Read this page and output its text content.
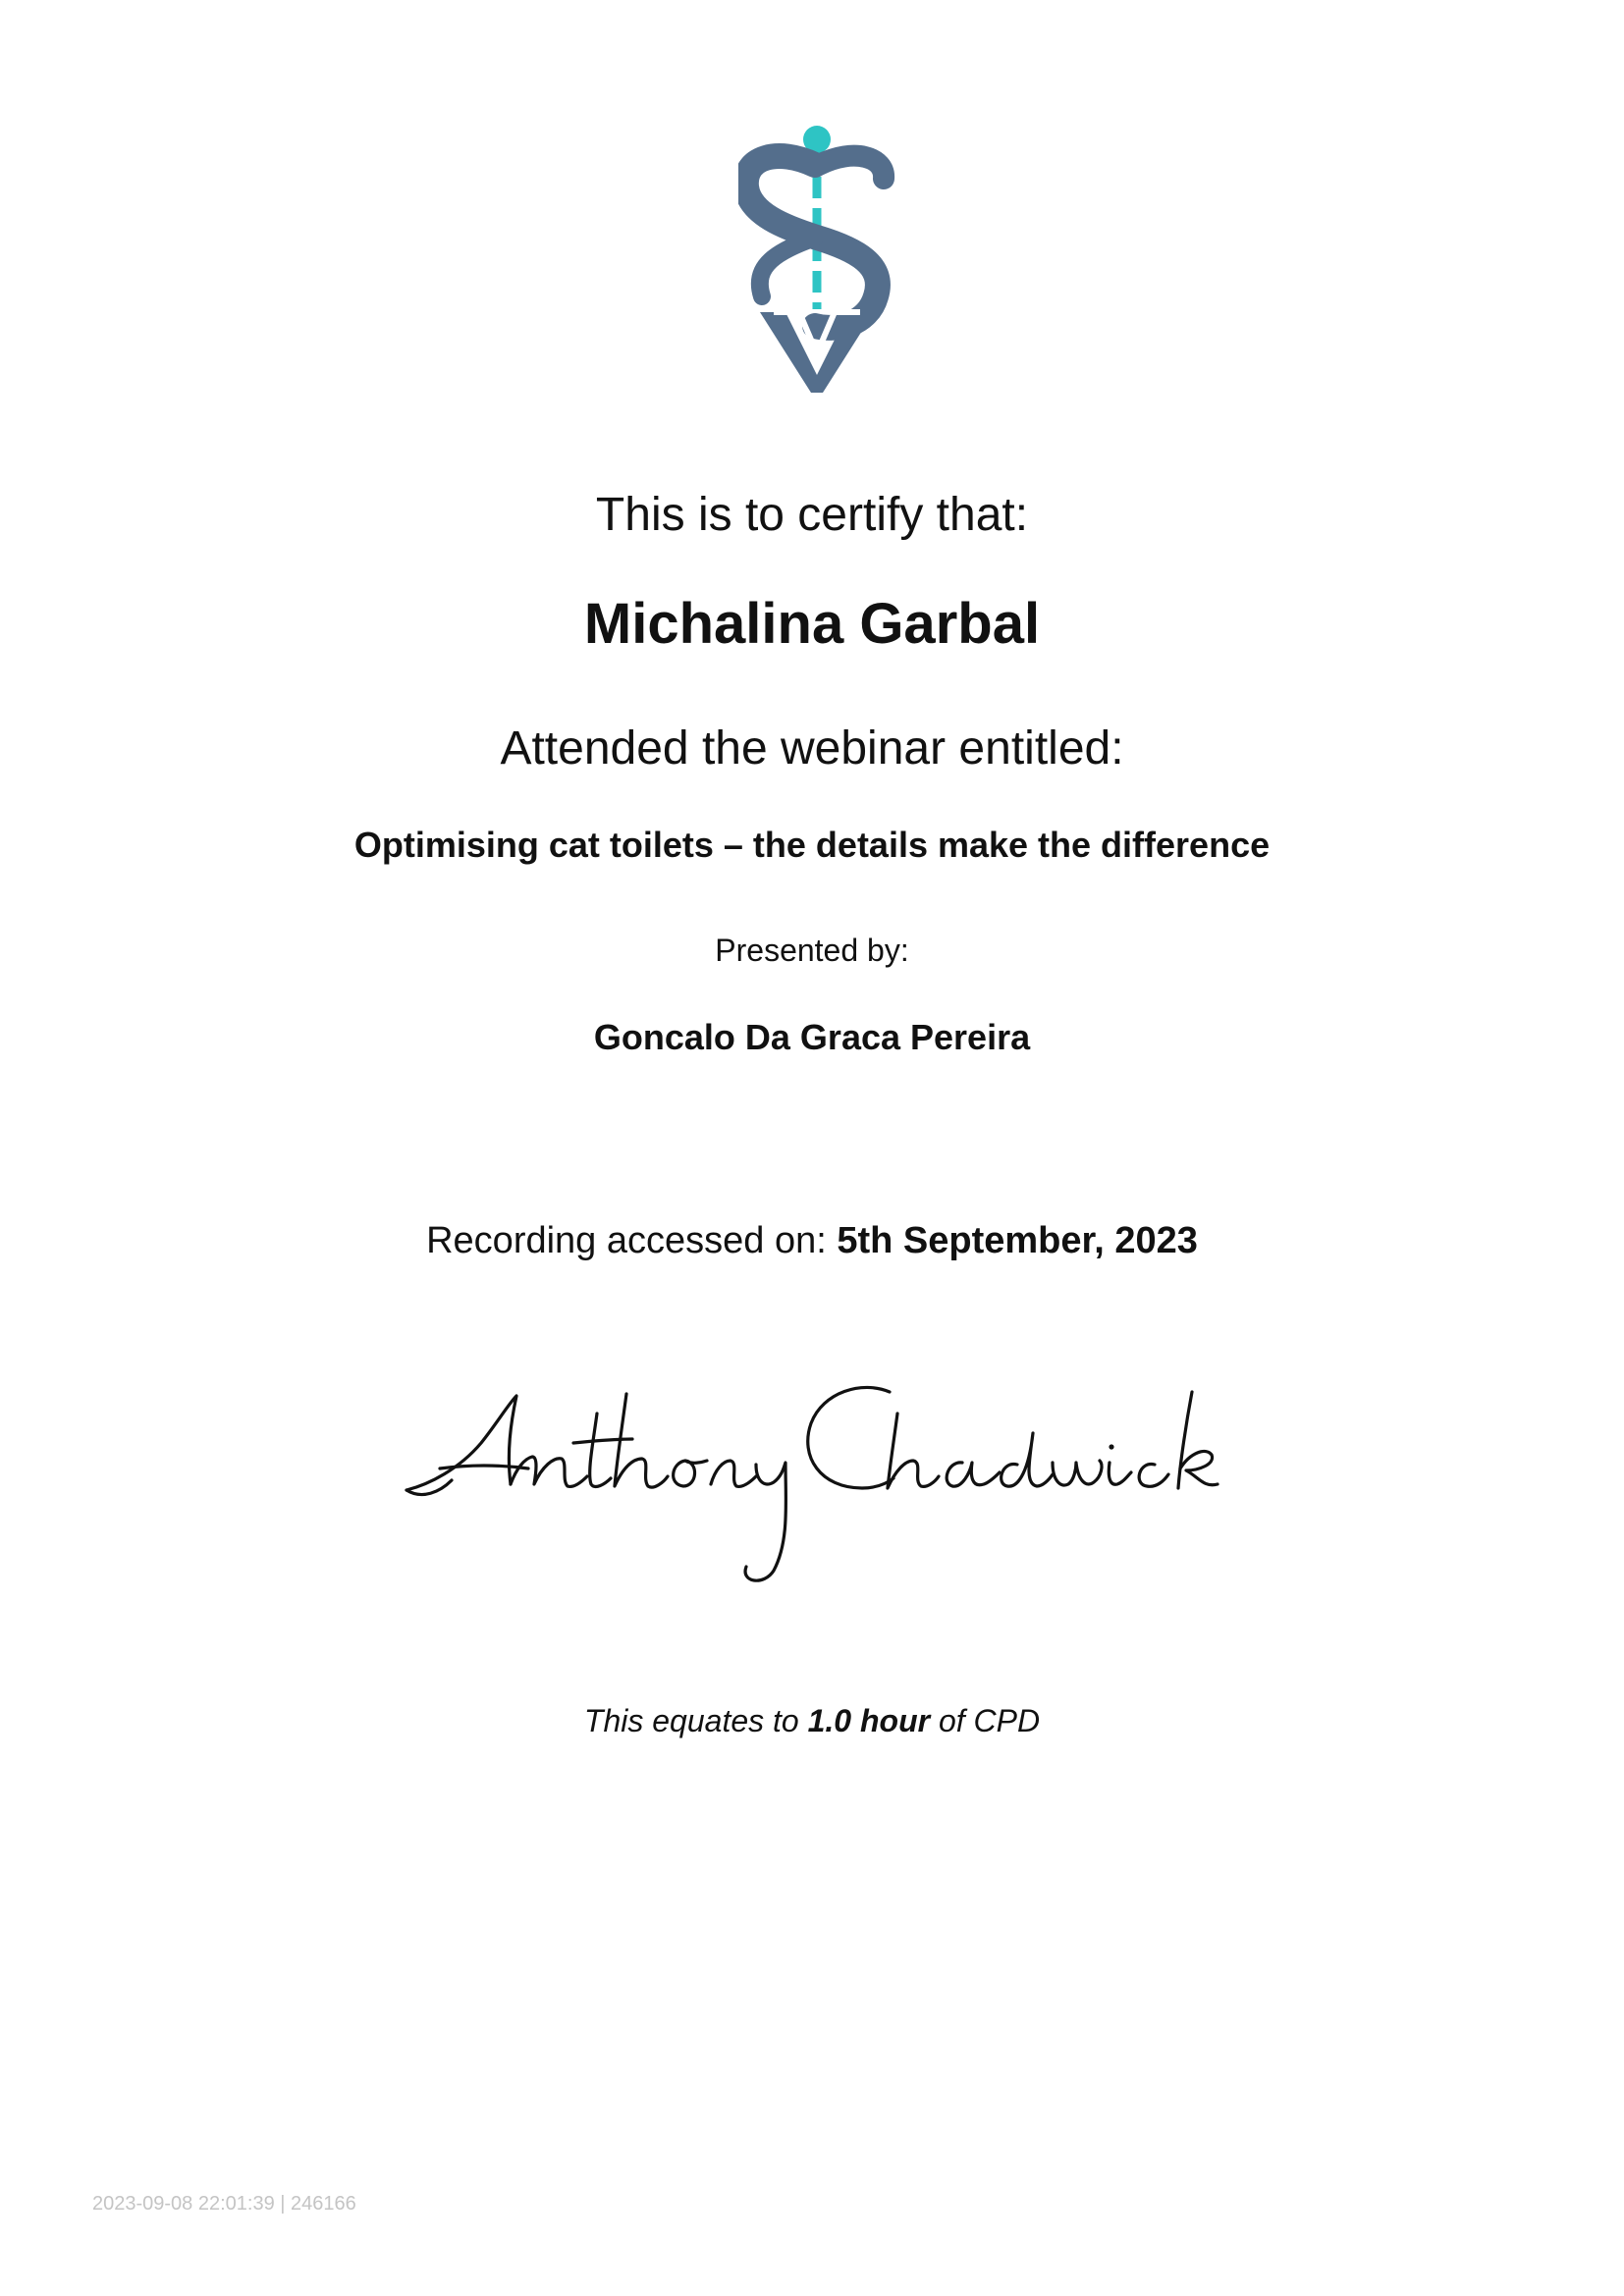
This is to certify that:
Michalina Garbal
Attended the webinar entitled:
Optimising cat toilets – the details make the difference
Presented by:
Goncalo Da Graca Pereira
Recording accessed on: 5th September, 2023
This equates to 1.0 hour of CPD
2023-09-08 22:01:39 | 246166
